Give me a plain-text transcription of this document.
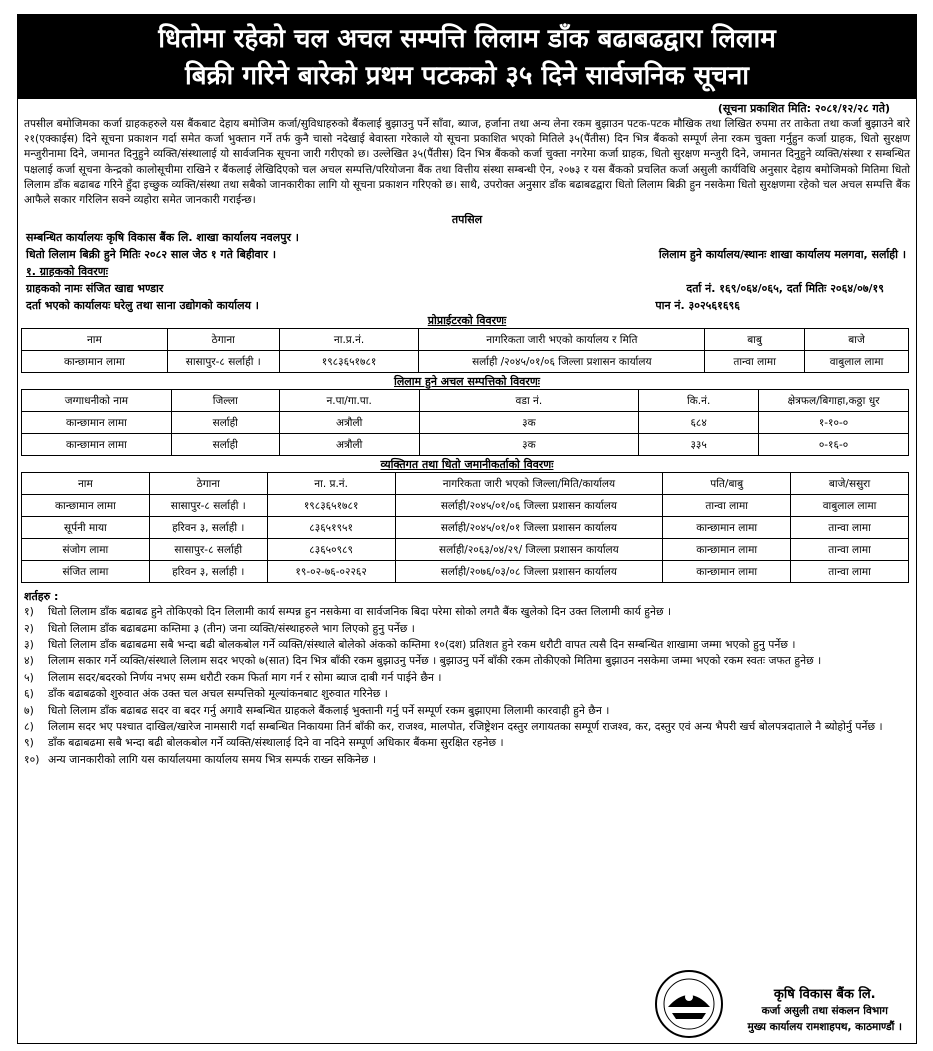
धितोमा रहेको चल अचल सम्पत्ति लिलाम डाँक बढाबढद्वारा लिलाम
बिक्री गरिने बारेको प्रथम पटकको ३५ दिने सार्वजनिक सूचना
(सूचना प्रकाशित मिति: २०८१/१२/२८ गते)
तपसील बमोजिमका कर्जा ग्राहकहरुले यस बैंकबाट देहाय बमोजिम कर्जा/सुविधाहरुको बैंकलाई बुझाउनु पर्ने साँवा, ब्याज, हर्जाना तथा अन्य लेना रकम बुझाउन पटक-पटक मौखिक तथा लिखित रुपमा तर ताकेता तथा कर्जा बुझाउने बारे २१(एक्काईस) दिने सूचना प्रकाशन गर्दा समेत कर्जा भुक्तान गर्ने तर्फ कुनै चासो नदेखाई बेवास्ता गरेकाले यो सूचना प्रकाशित भएको मितिले ३५(पैंतीस) दिन भित्र बैंकको सम्पूर्ण लेना रकम चुक्ता गर्नुहुन कर्जा ग्राहक, धितो सुरक्षण मन्जुरीनामा दिने, जमानत दिनुहुने व्यक्ति/संस्थालाई यो सार्वजनिक सूचना जारी गरीएको छ। उल्लेखित ३५(पैंतीस) दिन भित्र बैंकको कर्जा चुक्ता नगरेमा कर्जा ग्राहक, धितो सुरक्षण मन्जुरी दिने, जमानत दिनुहुने व्यक्ति/संस्था र सम्बन्धित पक्षलाई कर्जा सूचना केन्द्रको कालोसूचीमा राखिने र बैंकलाई लेखिदिएको चल अचल सम्पत्ति/परियोजना बैंक तथा वित्तीय संस्था सम्बन्धी ऐन, २०७३ र यस बैंकको प्रचलित कर्जा असुली कार्यविधि अनुसार देहाय बमोजिमको मितिमा धितो लिलाम डाँक बढाबढ गरिने हुँदा इच्छुक व्यक्ति/संस्था तथा सबैको जानकारीका लागि यो सूचना प्रकाशन गरिएको छ। साथै, उपरोक्त अनुसार डाँक बढाबढद्वारा धितो लिलाम बिक्री हुन नसकेमा धितो सुरक्षणमा रहेको चल अचल सम्पत्ति बैंक आफैले सकार गरिलिन सक्ने व्यहोरा समेत जानकारी गराईन्छ।
तपसिल
सम्बन्धित कार्यालयः कृषि विकास बैंक लि. शाखा कार्यालय नवलपुर ।
धितो लिलाम बिक्री हुने मितिः २०८२ साल जेठ १ गते बिहीवार ।	लिलाम हुने कार्यालय/स्थानः शाखा कार्यालय मलगवा, सर्लाही ।
१. ग्राहकको विवरणः
ग्राहकको नामः संजित खाद्य भण्डार	दर्ता नं. १६९/०६४/०६५, दर्ता मितिः २०६४/०७/१९
दर्ता भएको कार्यालयः घरेलु तथा साना उद्योगको कार्यालय ।	पान नं. ३०२५६१६९६
प्रोप्राईटरको विवरणः
नाम	ठेगाना	ना.प्र.नं.	नागरिकता जारी भएको कार्यालय र मिति	बाबु	बाजे
कान्छामान लामा	सासापुर-८ सर्लाही ।	१९८३६५१७८१	सर्लाही /२०४५/०१/०६ जिल्ला प्रशासन कार्यालय	तान्वा लामा	वाबुलाल लामा
लिलाम हुने अचल सम्पत्तिको विवरणः
जग्गाधनीको नाम	जिल्ला	न.पा/गा.पा.	वडा नं.	कि.नं.	क्षेत्रफल/बिगाहा,कठ्ठा धुर
कान्छामान लामा	सर्लाही	अत्रौली	३क	६८४	१-१०-०
कान्छामान लामा	सर्लाही	अत्रौली	३क	३३५	०-१६-०
व्यक्तिगत तथा धितो जमानीकर्ताको विवरणः
नाम	ठेगाना	ना. प्र.नं.	नागरिकता जारी भएको जिल्ला/मिति/कार्यालय	पति/बाबु	बाजे/ससुरा
कान्छामान लामा	सासापुर-८ सर्लाही ।	१९८३६५१७८१	सर्लाही/२०४५/०१/०६ जिल्ला प्रशासन कार्यालय	तान्वा लामा	वाबुलाल लामा
सूर्पनी माया	हरिवन ३, सर्लाही ।	८३६५१९५१	सर्लाही/२०४५/०१/०१ जिल्ला प्रशासन कार्यालय	कान्छामान लामा	तान्वा लामा
संजोग लामा	सासापुर-८ सर्लाही	८३६५०९८९	सर्लाही/२०६३/०४/२९/ जिल्ला प्रशासन कार्यालय	कान्छामान लामा	तान्वा लामा
संजित लामा	हरिवन ३, सर्लाही ।	१९-०२-७६-०२२६२	सर्लाही/२०७६/०३/०८ जिल्ला प्रशासन कार्यालय	कान्छामान लामा	तान्वा लामा
शर्तहरु :
१)	धितो लिलाम डाँक बढाबढ हुने तोकिएको दिन लिलामी कार्य सम्पन्न हुन नसकेमा वा सार्वजनिक बिदा परेमा सोको लगतै बैंक खुलेको दिन उक्त लिलामी कार्य हुनेछ ।
२)	धितो लिलाम डाँक बढाबढमा कम्तिमा ३ (तीन) जना व्यक्ति/संस्थाहरुले भाग लिएको हुनु पर्नेछ ।
३)	धितो लिलाम डाँक बढाबढमा सबै भन्दा बढी बोलकबोल गर्ने व्यक्ति/संस्थाले बोलेको अंकको कम्तिमा १०(दश) प्रतिशत हुने रकम धरौटी वापत त्यसै दिन सम्बन्धित शाखामा जम्मा भएको हुनु पर्नेछ ।
४)	लिलाम सकार गर्ने व्यक्ति/संस्थाले लिलाम सदर भएको ७(सात) दिन भित्र बाँकी रकम बुझाउनु पर्नेछ । बुझाउनु पर्ने बाँकी रकम तोकीएको मितिमा बुझाउन नसकेमा जम्मा भएको रकम स्वतः जफत हुनेछ ।
५)	लिलाम सदर/बदरको निर्णय नभए सम्म धरौटी रकम फिर्ता माग गर्न र सोमा ब्याज दाबी गर्न पाईने छैन ।
६)	डाँक बढाबढको शुरुवात अंक उक्त चल अचल सम्पत्तिको मूल्यांकनबाट शुरुवात गरिनेछ ।
७)	धितो लिलाम डाँक बढाबढ सदर वा बदर गर्नु अगावै सम्बन्धित ग्राहकले बैंकलाई भुक्तानी गर्नु पर्ने सम्पूर्ण रकम बुझाएमा लिलामी कारवाही हुने छैन ।
८)	लिलाम सदर भए पश्चात दाखिल/खारेज नामसारी गर्दा सम्बन्धित निकायमा तिर्न बाँकी कर, राजश्व, मालपोत, रजिष्ट्रेशन दस्तुर लगायतका सम्पूर्ण राजश्व, कर, दस्तुर एवं अन्य भैपरी खर्च बोलपत्रदाताले नै ब्योहोर्नु पर्नेछ ।
९)	डाँक बढाबढमा सबै भन्दा बढी बोलकबोल गर्ने व्यक्ति/संस्थालाई दिने वा नदिने सम्पूर्ण अधिकार बैंकमा सुरक्षित रहनेछ ।
१०) अन्य जानकारीको लागि यस कार्यालयमा कार्यालय समय भित्र सम्पर्क राख्न सकिनेछ ।
कृषि विकास बैंक लि.
कर्जा असुली तथा संकलन विभाग
मुख्य कार्यालय रामशाहपथ, काठमाण्डौं ।
